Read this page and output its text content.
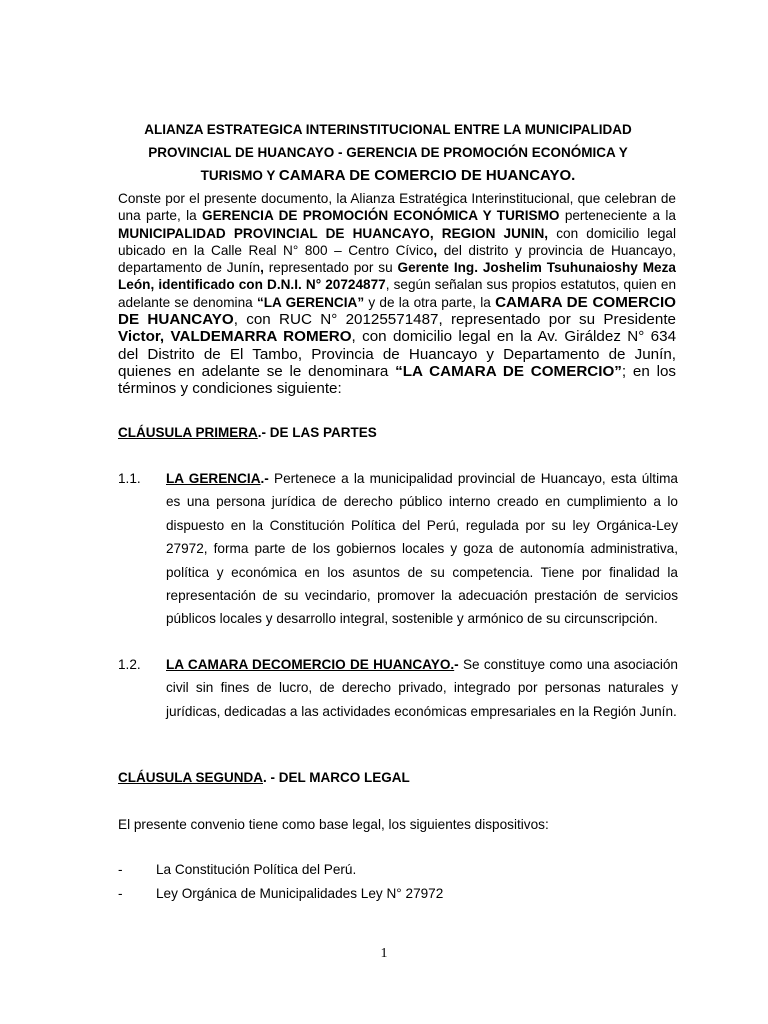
ALIANZA ESTRATEGICA INTERINSTITUCIONAL ENTRE LA MUNICIPALIDAD
PROVINCIAL DE HUANCAYO - GERENCIA DE PROMOCIÓN ECONÓMICA Y
TURISMO Y CAMARA DE COMERCIO DE HUANCAYO.
Conste por el presente documento, la Alianza Estratégica Interinstitucional, que celebran de una parte, la GERENCIA DE PROMOCIÓN ECONÓMICA Y TURISMO perteneciente a la MUNICIPALIDAD PROVINCIAL DE HUANCAYO, REGION JUNIN, con domicilio legal ubicado en la Calle Real N° 800 – Centro Cívico, del distrito y provincia de Huancayo, departamento de Junín, representado por su Gerente Ing. Joshelim Tsuhunaioshy Meza León, identificado con D.N.I. N° 20724877, según señalan sus propios estatutos, quien en adelante se denomina “LA GERENCIA” y de la otra parte, la CAMARA DE COMERCIO DE HUANCAYO, con RUC N° 20125571487, representado por su Presidente Victor, VALDEMARRA ROMERO, con domicilio legal en la Av. Giráldez N° 634 del Distrito de El Tambo, Provincia de Huancayo y Departamento de Junín, quienes en adelante se le denominara “LA CAMARA DE COMERCIO”; en los términos y condiciones siguiente:
CLÁUSULA PRIMERA.- DE LAS PARTES
1.1. LA GERENCIA.- Pertenece a la municipalidad provincial de Huancayo, esta última es una persona jurídica de derecho público interno creado en cumplimiento a lo dispuesto en la Constitución Política del Perú, regulada por su ley Orgánica-Ley 27972, forma parte de los gobiernos locales y goza de autonomía administrativa, política y económica en los asuntos de su competencia. Tiene por finalidad la representación de su vecindario, promover la adecuación prestación de servicios públicos locales y desarrollo integral, sostenible y armónico de su circunscripción.
1.2. LA CAMARA DECOMERCIO DE HUANCAYO.- Se constituye como una asociación civil sin fines de lucro, de derecho privado, integrado por personas naturales y jurídicas, dedicadas a las actividades económicas empresariales en la Región Junín.
CLÁUSULA SEGUNDA. - DEL MARCO LEGAL
El presente convenio tiene como base legal, los siguientes dispositivos:
- La Constitución Política del Perú.
- Ley Orgánica de Municipalidades Ley N° 27972
1
